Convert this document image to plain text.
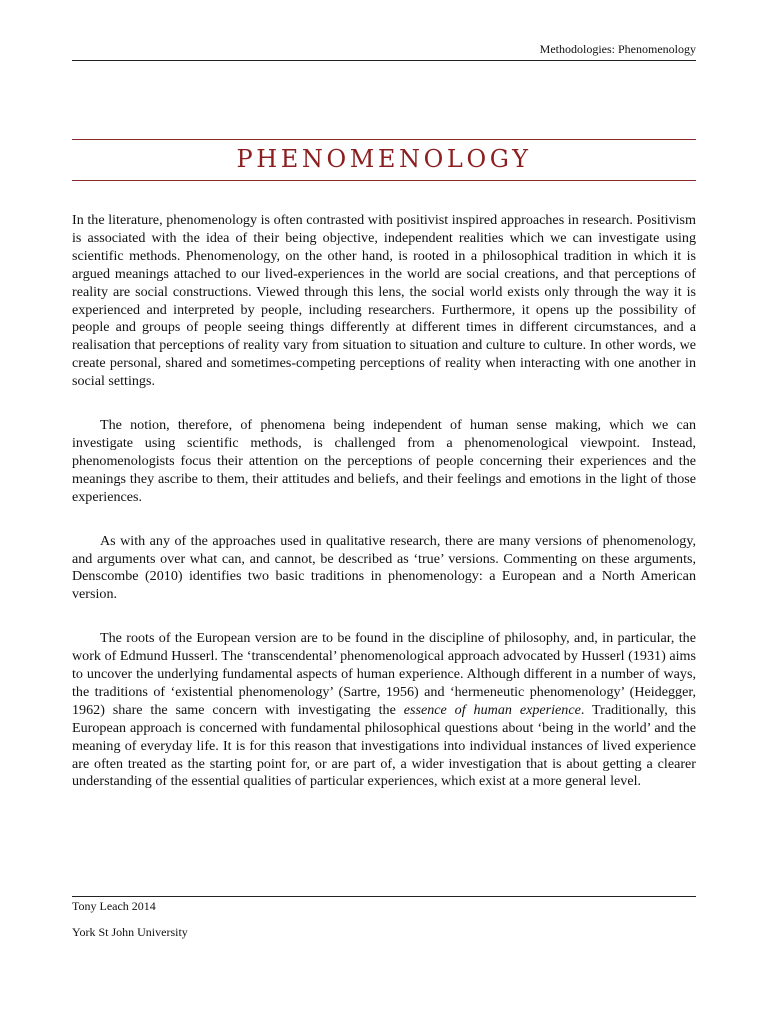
Methodologies: Phenomenology
PHENOMENOLOGY

In the literature, phenomenology is often contrasted with positivist inspired approaches in research. Positivism is associated with the idea of their being objective, independent realities which we can investigate using scientific methods. Phenomenology, on the other hand, is rooted in a philosophical tradition in which it is argued meanings attached to our lived-experiences in the world are social creations, and that perceptions of reality are social constructions. Viewed through this lens, the social world exists only through the way it is experienced and interpreted by people, including researchers. Furthermore, it opens up the possibility of people and groups of people seeing things differently at different times in different circumstances, and a realisation that perceptions of reality vary from situation to situation and culture to culture. In other words, we create personal, shared and sometimes-competing perceptions of reality when interacting with one another in social settings.

The notion, therefore, of phenomena being independent of human sense making, which we can investigate using scientific methods, is challenged from a phenomenological viewpoint. Instead, phenomenologists focus their attention on the perceptions of people concerning their experiences and the meanings they ascribe to them, their attitudes and beliefs, and their feelings and emotions in the light of those experiences.

As with any of the approaches used in qualitative research, there are many versions of phenomenology, and arguments over what can, and cannot, be described as ‘true’ versions. Commenting on these arguments, Denscombe (2010) identifies two basic traditions in phenomenology: a European and a North American version.

The roots of the European version are to be found in the discipline of philosophy, and, in particular, the work of Edmund Husserl. The ‘transcendental’ phenomenological approach advocated by Husserl (1931) aims to uncover the underlying fundamental aspects of human experience. Although different in a number of ways, the traditions of ‘existential phenomenology’ (Sartre, 1956) and ‘hermeneutic phenomenology’ (Heidegger, 1962) share the same concern with investigating the essence of human experience. Traditionally, this European approach is concerned with fundamental philosophical questions about ‘being in the world’ and the meaning of everyday life. It is for this reason that investigations into individual instances of lived experience are often treated as the starting point for, or are part of, a wider investigation that is about getting a clearer understanding of the essential qualities of particular experiences, which exist at a more general level.

Tony Leach 2014
York St John University
